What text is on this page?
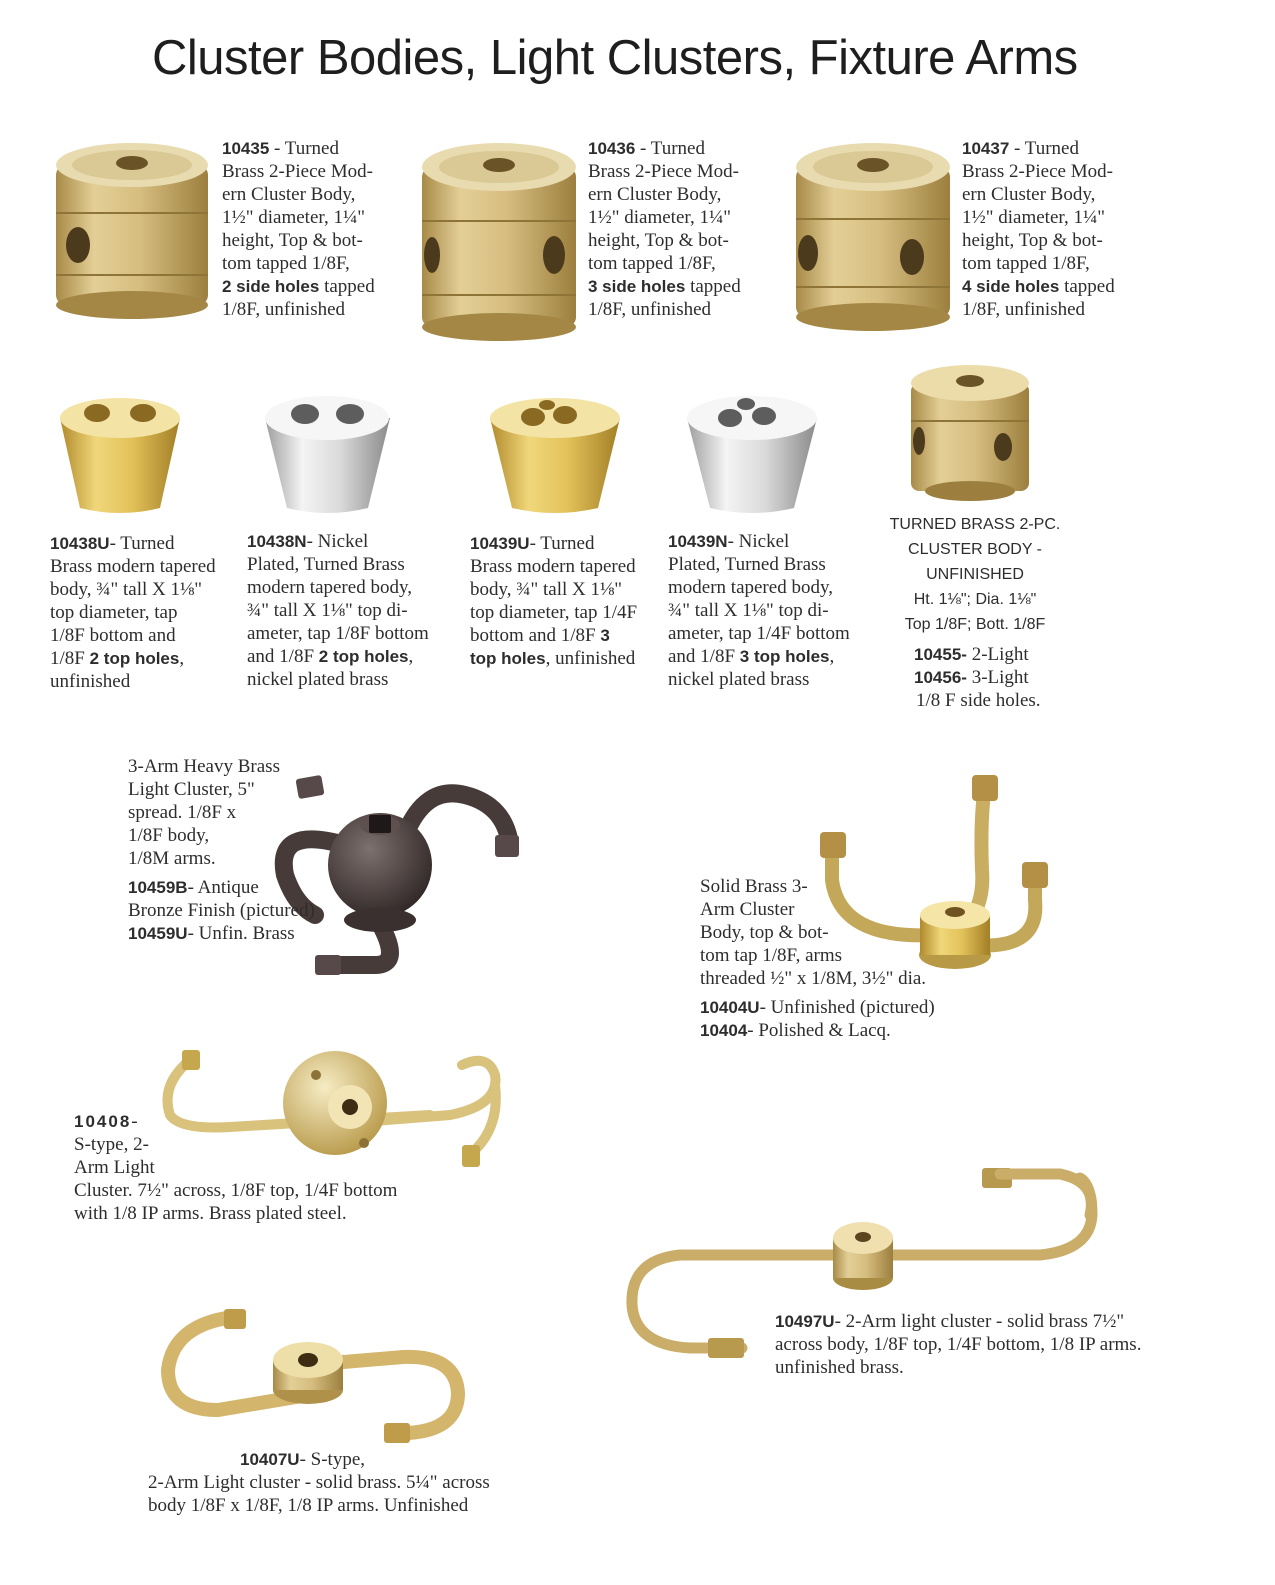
Cluster Bodies, Light Clusters, Fixture Arms
10435 - Turned
Brass 2-Piece Mod-
ern Cluster Body,
1½" diameter, 1¼"
height, Top & bot-
tom tapped 1/8F,
2 side holes tapped
1/8F, unfinished
10436 - Turned
Brass 2-Piece Mod-
ern Cluster Body,
1½" diameter, 1¼"
height, Top & bot-
tom tapped 1/8F,
3 side holes tapped
1/8F, unfinished
10437 - Turned
Brass 2-Piece Mod-
ern Cluster Body,
1½" diameter, 1¼"
height, Top & bot-
tom tapped 1/8F,
4 side holes tapped
1/8F, unfinished
10438U- Turned
Brass modern tapered
body, ¾" tall X 1⅛"
top diameter, tap
1/8F bottom and
1/8F 2 top holes,
unfinished
10438N- Nickel
Plated, Turned Brass
modern tapered body,
¾" tall X 1⅛" top di-
ameter, tap 1/8F bottom
and 1/8F 2 top holes,
nickel plated brass
10439U- Turned
Brass modern tapered
body, ¾" tall X 1⅛"
top diameter, tap 1/4F
bottom and 1/8F 3
top holes, unfinished
10439N- Nickel
Plated, Turned Brass
modern tapered body,
¾" tall X 1⅛" top di-
ameter, tap 1/4F bottom
and 1/8F 3 top holes,
nickel plated brass
TURNED BRASS 2-PC.
CLUSTER BODY -
UNFINISHED
Ht. 1⅛"; Dia. 1⅛"
Top 1/8F; Bott. 1/8F
10455- 2-Light
10456- 3-Light
1/8 F side holes.
3-Arm Heavy Brass
Light Cluster, 5"
spread. 1/8F x
1/8F body,
1/8M arms.
10459B- Antique
Bronze Finish (pictured)
10459U- Unfin. Brass
Solid Brass 3-
Arm Cluster
Body, top & bot-
tom tap 1/8F, arms
threaded ½" x 1/8M, 3½" dia.
10404U- Unfinished (pictured)
10404- Polished & Lacq.
10408-
S-type, 2-
Arm Light
Cluster. 7½" across, 1/8F top, 1/4F bottom
with 1/8 IP arms. Brass plated steel.
10497U- 2-Arm light cluster - solid brass 7½"
across body, 1/8F top, 1/4F bottom, 1/8 IP arms.
unfinished brass.
10407U- S-type,
2-Arm Light cluster - solid brass. 5¼" across
body 1/8F x 1/8F, 1/8 IP arms. Unfinished
